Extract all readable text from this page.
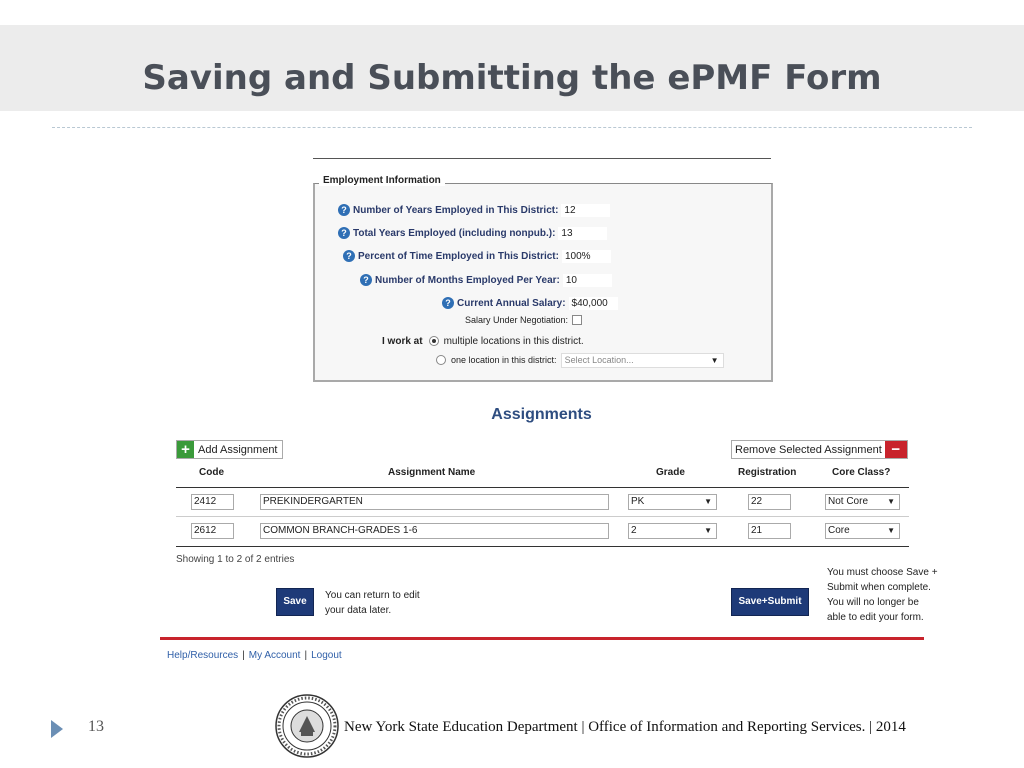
Saving and Submitting the ePMF Form
Employment Information
? Number of Years Employed in This District: 12
? Total Years Employed (including nonpub.): 13
? Percent of Time Employed in This District: 100%
? Number of Months Employed Per Year: 10
? Current Annual Salary: $40,000
Salary Under Negotiation:
I work at multiple locations in this district.
one location in this district: Select Location...	▼
Assignments
+ Add Assignment	Remove Selected Assignment −
Code	Assignment Name	Grade	Registration	Core Class?
2412	PREKINDERGARTEN	PK	▼	22	Not Core ▼
2612	COMMON BRANCH-GRADES 1-6	2	▼	21	Core	▼
Showing 1 to 2 of 2 entries
Save
You can return to edit
your data later.
Save+Submit
You must choose Save +
Submit when complete.
You will no longer be
able to edit your form.
Help/Resources | My Account | Logout
13	New York State Education Department | Office of Information and Reporting Services. | 2014
